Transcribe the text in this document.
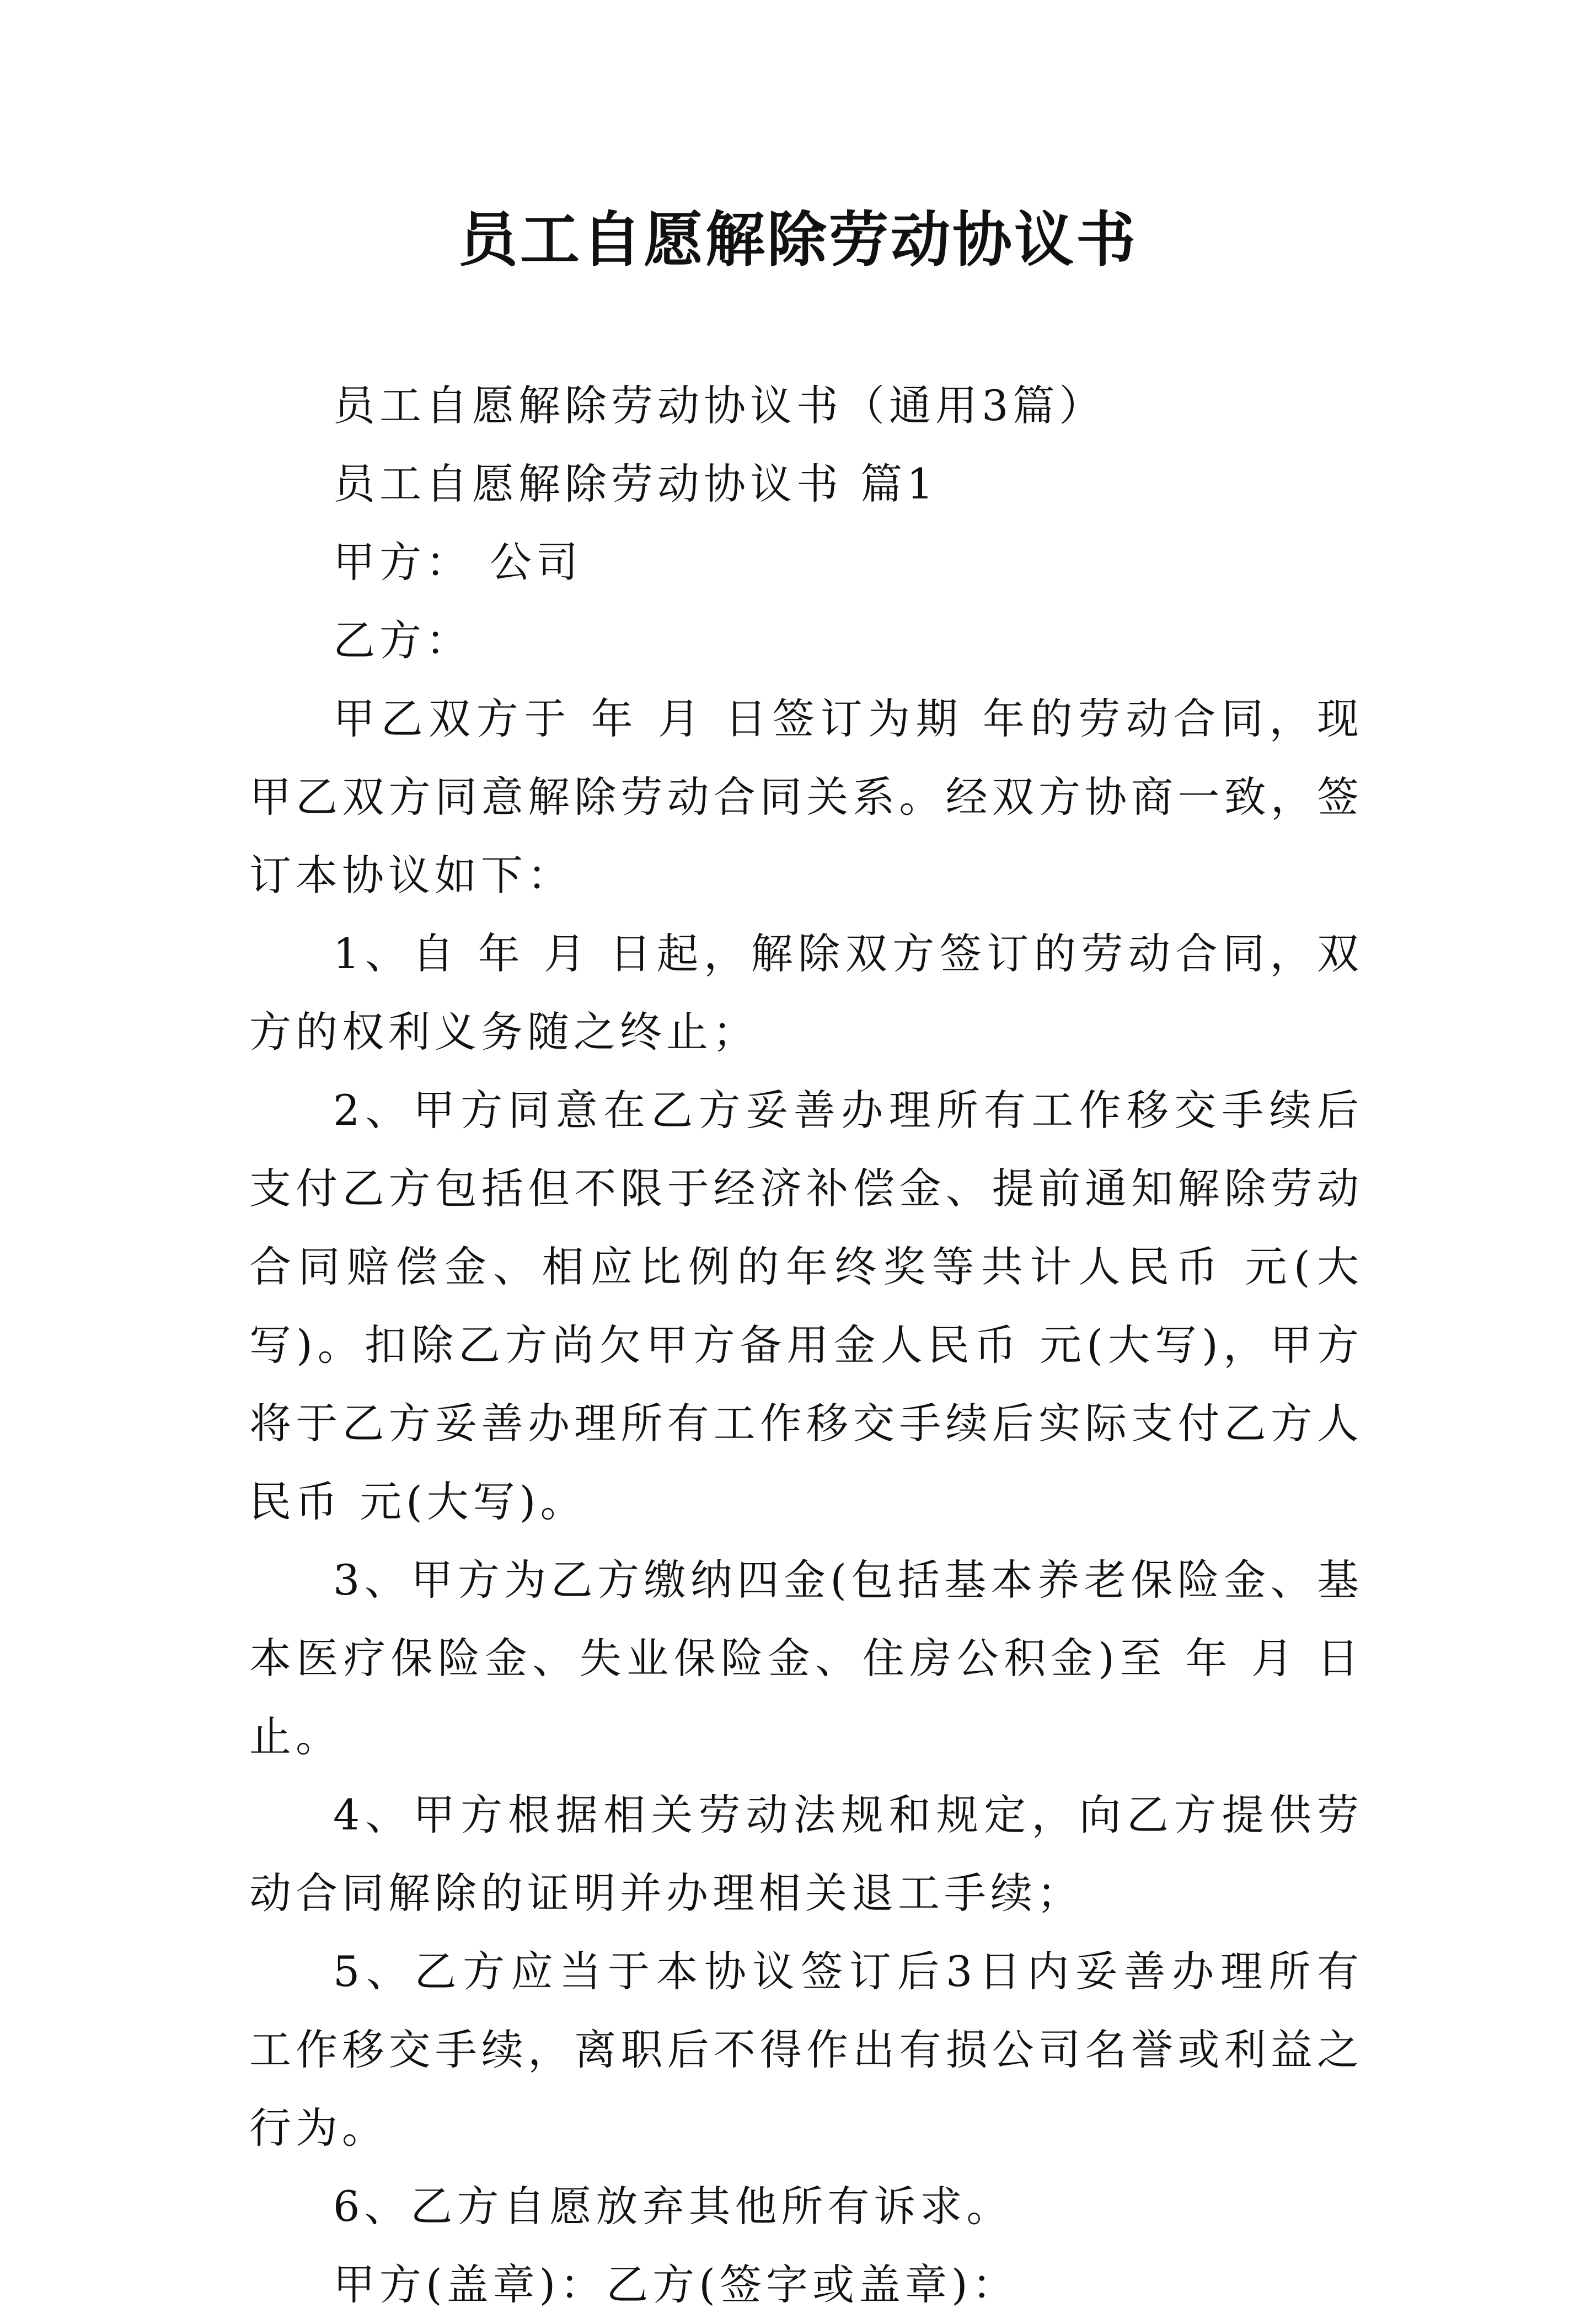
员工自愿解除劳动协议书

员工自愿解除劳动协议书（通用3篇）

员工自愿解除劳动协议书 篇1

甲方： 公司

乙方：

甲乙双方于 年 月 日签订为期 年的劳动合同，现甲乙双方同意解除劳动合同关系。经双方协商一致，签订本协议如下：

1、自 年 月 日起，解除双方签订的劳动合同，双方的权利义务随之终止；

2、甲方同意在乙方妥善办理所有工作移交手续后支付乙方包括但不限于经济补偿金、提前通知解除劳动合同赔偿金、相应比例的年终奖等共计人民币 元(大写)。扣除乙方尚欠甲方备用金人民币 元(大写)，甲方将于乙方妥善办理所有工作移交手续后实际支付乙方人民币 元(大写)。

3、甲方为乙方缴纳四金(包括基本养老保险金、基本医疗保险金、失业保险金、住房公积金)至 年 月 日止。

4、甲方根据相关劳动法规和规定，向乙方提供劳动合同解除的证明并办理相关退工手续；

5、乙方应当于本协议签订后3日内妥善办理所有工作移交手续，离职后不得作出有损公司名誉或利益之行为。

6、乙方自愿放弃其他所有诉求。

甲方(盖章)：乙方(签字或盖章)：
